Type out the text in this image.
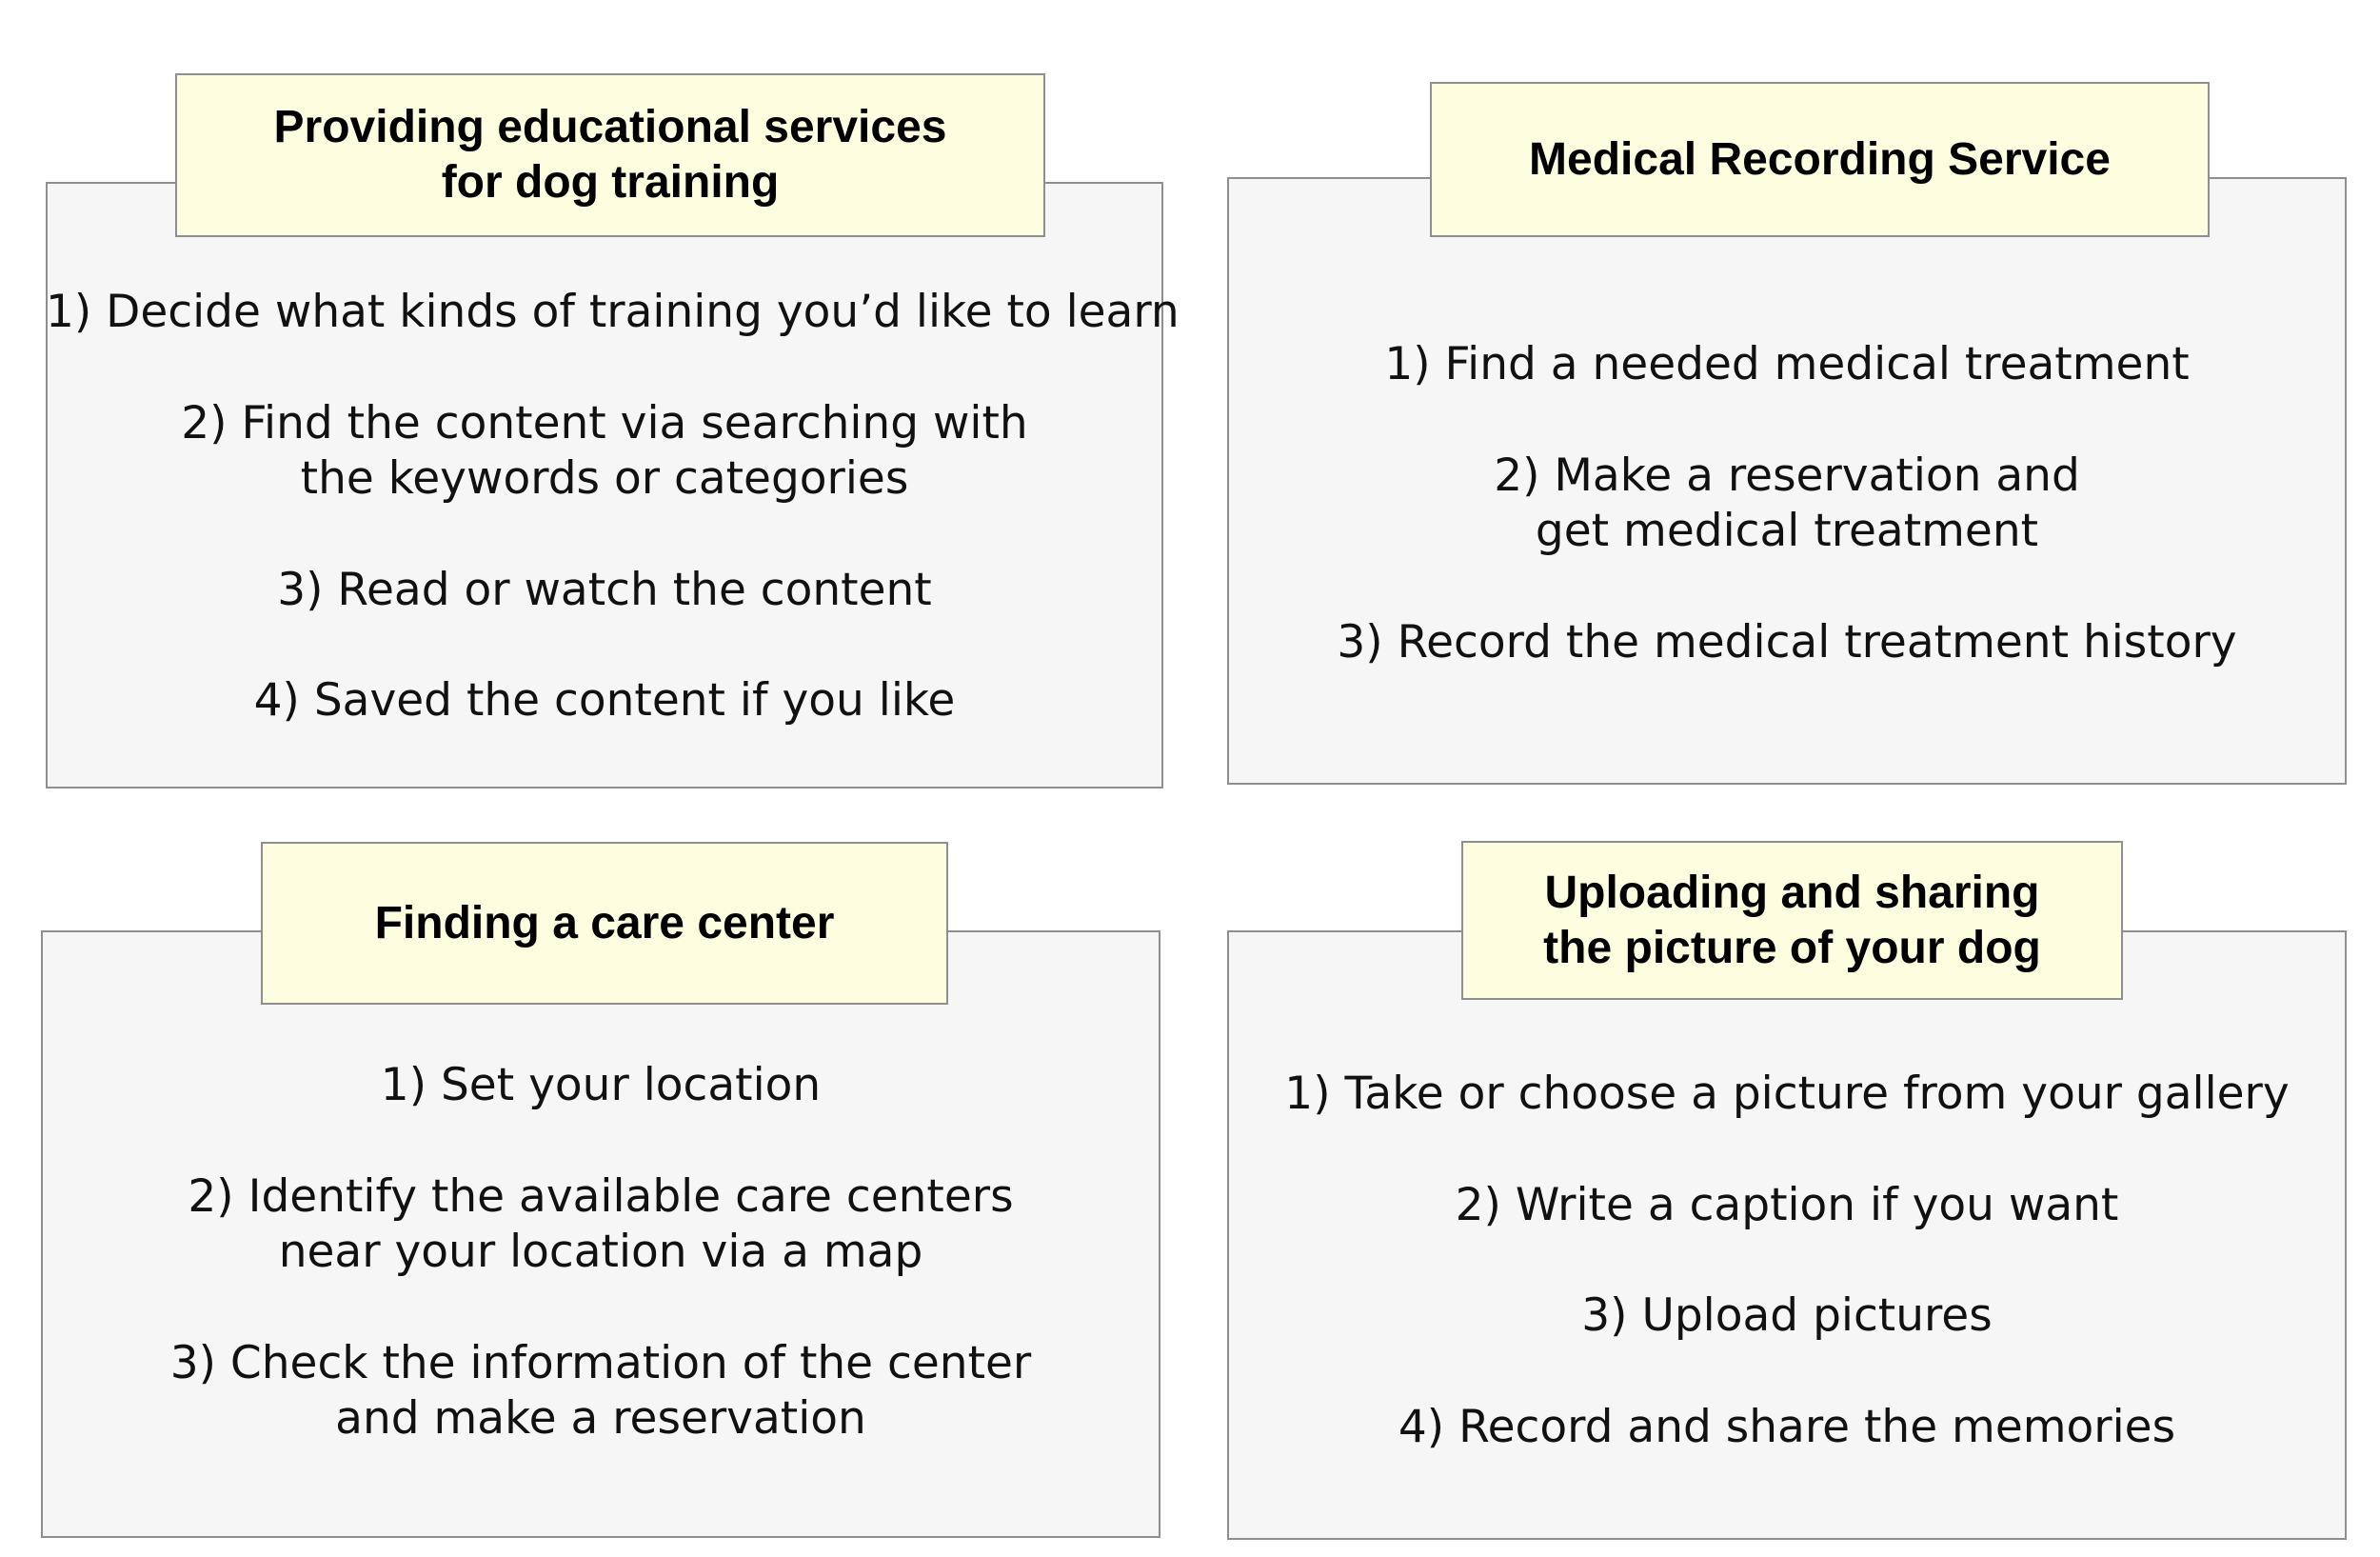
Providing educational services
for dog training
1) Decide what kinds of training you’d like to learn
2) Find the content via searching with
the keywords or categories
3) Read or watch the content
4) Saved the content if you like
Medical Recording Service
1) Find a needed medical treatment
2) Make a reservation and
get medical treatment
3) Record the medical treatment history
Finding a care center
1) Set your location
2) Identify the available care centers
near your location via a map
3) Check the information of the center
and make a reservation
Uploading and sharing
the picture of your dog
1) Take or choose a picture from your gallery
2) Write a caption if you want
3) Upload pictures
4) Record and share the memories
